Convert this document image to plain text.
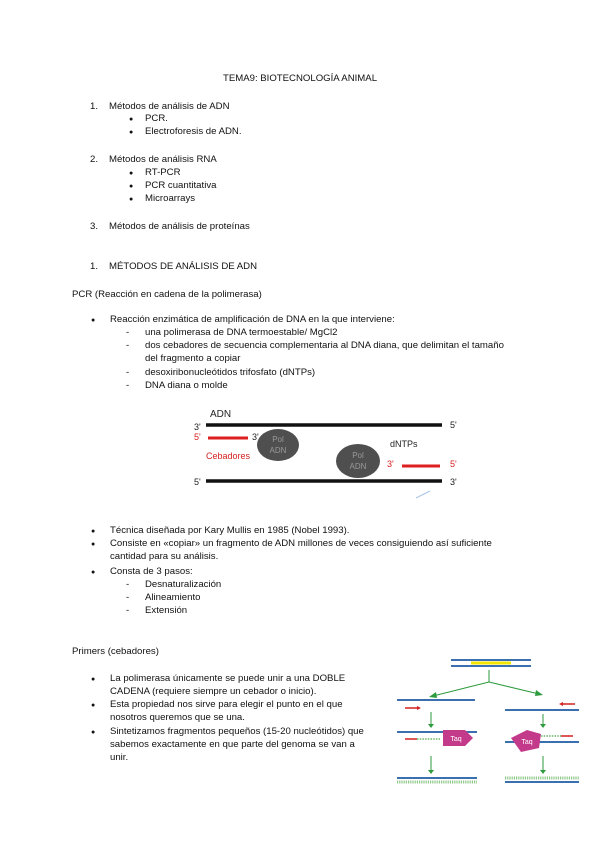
TEMA9: BIOTECNOLOGÍA ANIMAL
1. Métodos de análisis de ADN
●
PCR.
●
Electroforesis de ADN.
2. Métodos de análisis RNA
●
RT-PCR
●
PCR cuantitativa
●
Microarrays
3. Métodos de análisis de proteínas
1. MÉTODOS DE ANÁLISIS DE ADN
PCR (Reacción en cadena de la polimerasa)
●
Reacción enzimática de amplificación de DNA en la que interviene:
-
una polimerasa de DNA termoestable/ MgCl2
-
dos cebadores de secuencia complementaria al DNA diana, que delimitan el tamaño del fragmento a copiar
-
desoxiribonucleótidos trifosfato (dNTPs)
-
DNA diana o molde
ADN
3'	5'
5'	3' Pol
ADN
Cebadores	Pol
ADN
dNTPs
3'	5'
5'	3'
●
Técnica diseñada por Kary Mullis en 1985 (Nobel 1993).
●
Consiste en «copiar» un fragmento de ADN millones de veces consiguiendo así suficiente cantidad para su análisis.
●
Consta de 3 pasos:
-
Desnaturalización
-
Alineamiento
-
Extensión
Primers (cebadores)
●
La polimerasa únicamente se puede unir a una DOBLE CADENA (requiere siempre un cebador o inicio).
●
Esta propiedad nos sirve para elegir el punto en el que nosotros queremos que se una.
●
Sintetizamos fragmentos pequeños (15-20 nucleótidos) que sabemos exactamente en que parte del genoma se van a unir.
Taq	Taq
